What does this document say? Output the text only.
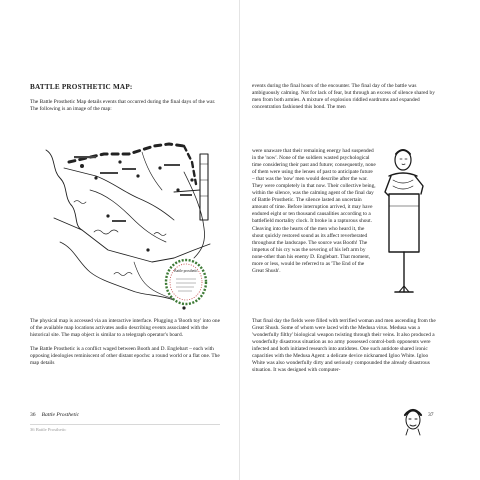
BATTLE PROSTHETIC MAP:
The Battle Prosthetic Map details events that occurred during the final days of the war. The following is an image of the map:
Battle prosthetic
The physical map is accessed via an interactive interface. Plugging a 'Booth toy' into one of the available map locations activates audio describing events associated with the historical site. The map object is similar to a telegraph operator's board.

The Battle Prosthetic is a conflict waged between Booth and D. Englebart – each with opposing ideologies reminiscent of other distant epochs: a round world or a flat one. The map details
36 Battle Prosthetic
36 Battle Prosthetic
events during the final hours of the encounter. The final day of the battle was ambiguously calming. Not for lack of fear, but through an excess of silence shared by men from both armies. A mixture of explosion riddled eardrums and expanded concentration fashioned this bond. The men
were unaware that their remaining energy had suspended in the 'now'. None of the soldiers wasted psychological time considering their past and future; consequently, none of them were using the lenses of past to anticipate future – that was the 'now' men would describe after the war. They were completely in that now. Their collective being, within the silence, was the calming agent of the final day of Battle Prosthetic. The silence lasted an uncertain amount of time. Before interruption arrived, it may have endured eight or ten thousand causalities according to a battlefield mortality clock. It broke in a rapturous shout. Cleaving into the hearts of the men who heard it, the shout quickly restored sound as its affect reverberated throughout the landscape. The source was Booth! The impetus of his cry was the severing of his left arm by none-other than his enemy D. Englebart. That moment, more or less, would be referred to as 'The End of the Great Shush'.
That final day the fields were filled with terrified woman and men ascending from the Great Shush. Some of whom were laced with the Medusa virus. Medusa was a 'wonderfully filthy' biological weapon twisting through their veins. It also produced a wonderfully disastrous situation as no army possessed control-both opponents were infected and both initiated research into antidotes. One such antidote shared ironic capacities with the Medusa Agent: a delicate device nicknamed Igloo White. Igloo White was also wonderfully dirty and seriously compounded the already disastrous situation. It was designed with computer-
37
